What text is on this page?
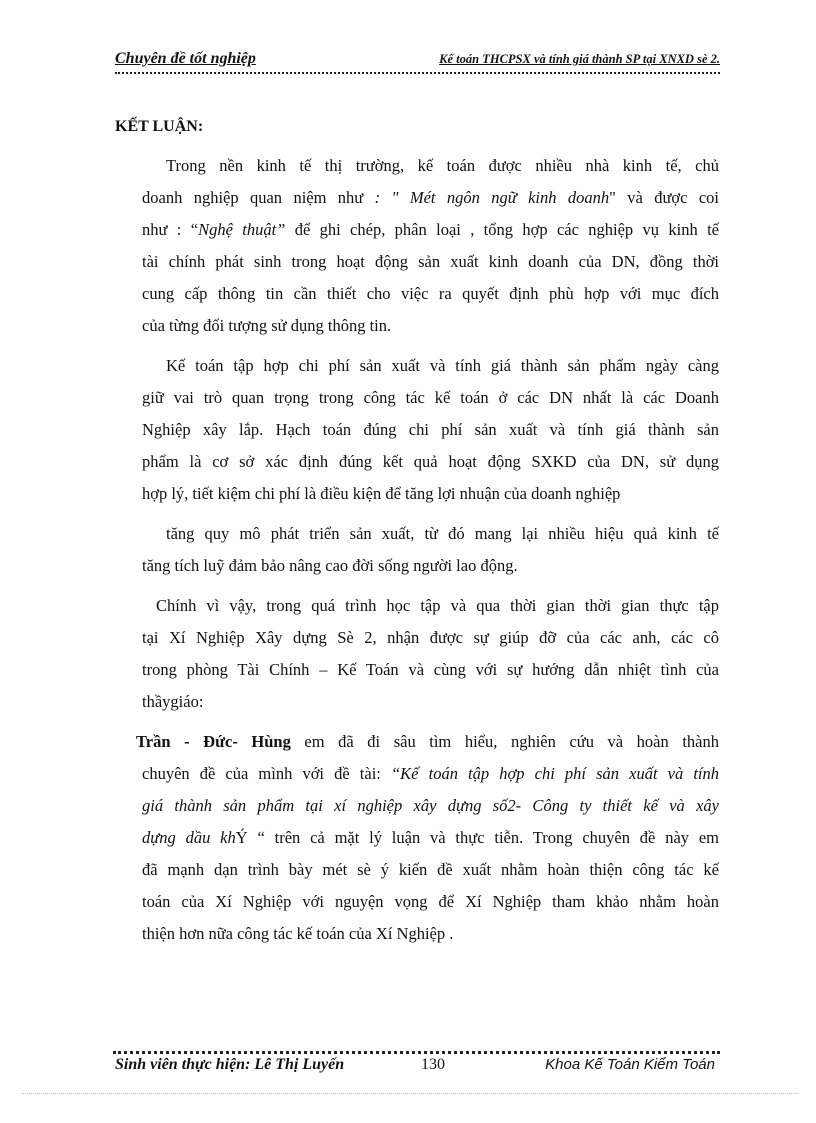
Chuyên đề tốt nghiệp	Kế toán THCPSX và tính giá thành SP tại XNXD sè 2.
KẾT LUẬN:
Trong nền kinh tế thị trường, kế toán được nhiều nhà kinh tế, chủ
doanh nghiệp quan niệm như : " Mét ngôn ngữ kinh doanh" và được coi
như : “Nghệ thuật” để ghi chép, phân loại , tổng hợp các nghiệp vụ kinh tế
tài chính phát sinh trong hoạt động sản xuất kinh doanh của DN, đồng thời
cung cấp thông tin cần thiết cho việc ra quyết định phù hợp với mục đích
của từng đối tượng sử dụng thông tin.
Kế toán tập hợp chi phí sản xuất và tính giá thành sản phẩm ngày càng
giữ vai trò quan trọng trong công tác kế toán ở các DN nhất là các Doanh
Nghiệp xây lắp. Hạch toán đúng chi phí sản xuất và tính giá thành sản
phẩm là cơ sở xác định đúng kết quả hoạt động SXKD của DN, sử dụng
hợp lý, tiết kiệm chi phí là điều kiện để tăng lợi nhuận của doanh nghiệp
tăng quy mô phát triển sản xuất, từ đó mang lại nhiều hiệu quả kinh tế
tăng tích luỹ đảm bảo nâng cao đời sống người lao động.
Chính vì vậy, trong quá trình học tập và qua thời gian thời gian thực tập
tại Xí Nghiệp Xây dựng Sè 2, nhận được sự giúp đỡ của các anh, các cô
trong phòng Tài Chính – Kế Toán và cùng với sự hướng dẫn nhiệt tình của
thầygiáo:
Trần - Đức- Hùng em đã đi sâu tìm hiểu, nghiên cứu và hoàn thành
chuyên đề của mình với đề tài: “Kế toán tập hợp chi phí sản xuất và tính
giá thành sản phẩm tại xí nghiệp xây dựng số2- Công ty thiết kế và xây
dựng dầu khÝ “ trên cả mặt lý luận và thực tiễn. Trong chuyên đề này em
đã mạnh dạn trình bày mét sè ý kiến đề xuất nhằm hoàn thiện công tác kế
toán của Xí Nghiệp với nguyện vọng để Xí Nghiệp tham khảo nhằm hoàn
thiện hơn nữa công tác kế toán của Xí Nghiệp .
Sinh viên thực hiện: Lê Thị Luyến	130	Khoa Kế Toán Kiểm Toán
